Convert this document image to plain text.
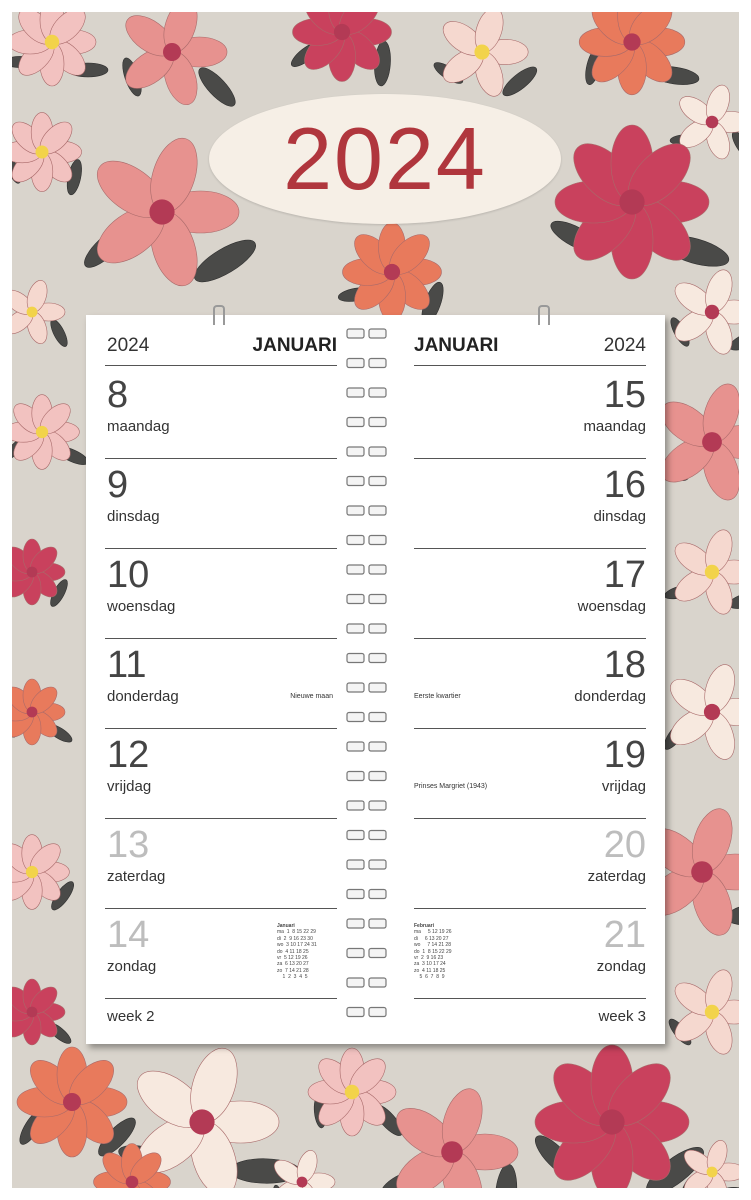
2024
2024	JANUARI
8
maandag
9
dinsdag
10
woensdag
11
donderdag	Nieuwe maan
12
vrijdag
13
zaterdag
14
zondag
Januari
ma  1  8 15 22 29
di  2  9 16 23 30
wo  3 10 17 24 31
do  4 11 18 25
vr  5 12 19 26
za  6 13 20 27
zo  7 14 21 28
1  2  3  4  5
week 2
JANUARI	2024
15
maandag
16
dinsdag
17
woensdag
18
donderdag
Eerste kwartier
19
vrijdag
Prinses Margriet (1943)
20
zaterdag
21
zondag
Februari
ma     5 12 19 26
di     6 13 20 27
wo     7 14 21 28
do  1  8 15 22 29
vr  2  9 16 23
za  3 10 17 24
zo  4 11 18 25
5  6  7  8  9
week 3
